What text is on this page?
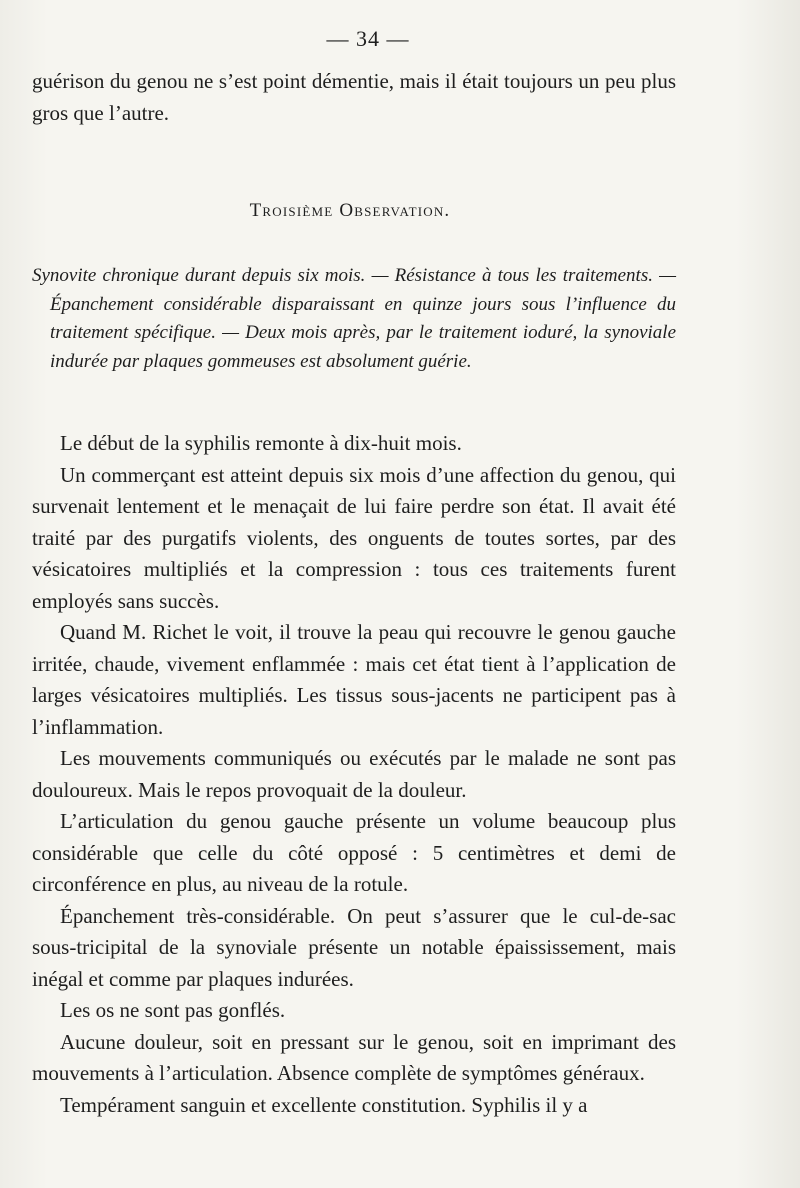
— 34 —

guérison du genou ne s’est point démentie, mais il était toujours un peu plus gros que l’autre.

Troisième Observation.
Synovite chronique durant depuis six mois. — Résistance à tous les traitements. — Épanchement considérable disparaissant en quinze jours sous l’influence du traitement spécifique. — Deux mois après, par le traitement ioduré, la synoviale indurée par plaques gommeuses est absolument guérie.

Le début de la syphilis remonte à dix-huit mois.

Un commerçant est atteint depuis six mois d’une affection du genou, qui survenait lentement et le menaçait de lui faire perdre son état. Il avait été traité par des purgatifs violents, des onguents de toutes sortes, par des vésicatoires multipliés et la compression : tous ces traitements furent employés sans succès.

Quand M. Richet le voit, il trouve la peau qui recouvre le genou gauche irritée, chaude, vivement enflammée : mais cet état tient à l’application de larges vésicatoires multipliés. Les tissus sous-jacents ne participent pas à l’inflammation.

Les mouvements communiqués ou exécutés par le malade ne sont pas douloureux. Mais le repos provoquait de la douleur.

L’articulation du genou gauche présente un volume beaucoup plus considérable que celle du côté opposé : 5 centimètres et demi de circonférence en plus, au niveau de la rotule.

Épanchement très-considérable. On peut s’assurer que le cul-de-sac sous-tricipital de la synoviale présente un notable épaississement, mais inégal et comme par plaques indurées.

Les os ne sont pas gonflés.

Aucune douleur, soit en pressant sur le genou, soit en imprimant des mouvements à l’articulation. Absence complète de symptômes généraux.

Tempérament sanguin et excellente constitution. Syphilis il y a
